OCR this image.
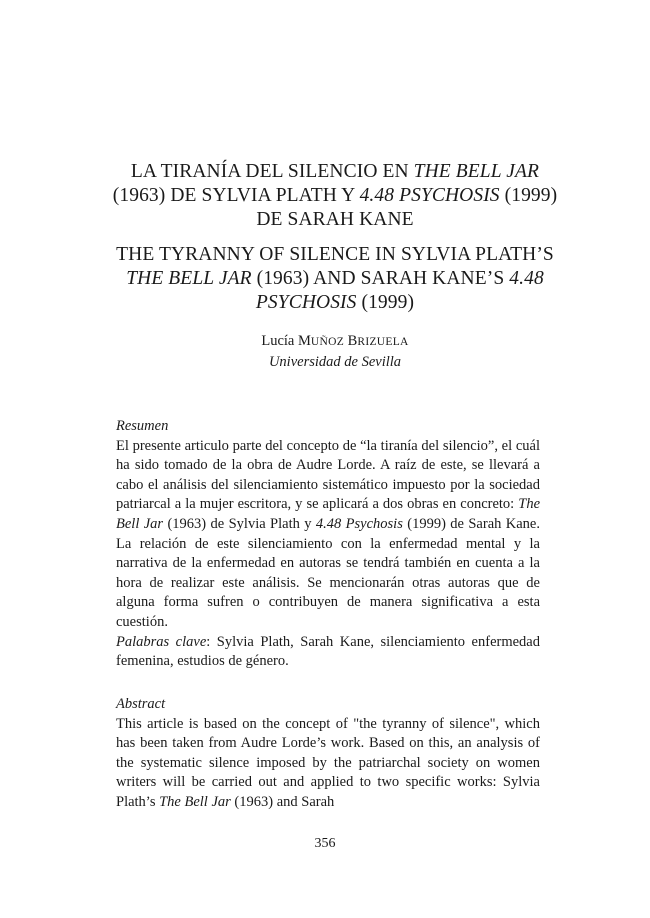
LA TIRANÍA DEL SILENCIO EN THE BELL JAR (1963) DE SYLVIA PLATH Y 4.48 PSYCHOSIS (1999) DE SARAH KANE
THE TYRANNY OF SILENCE IN SYLVIA PLATH’S THE BELL JAR (1963) AND SARAH KANE’S 4.48 PSYCHOSIS (1999)
Lucía MUÑOZ BRIZUELA
Universidad de Sevilla
Resumen
El presente articulo parte del concepto de “la tiranía del silencio”, el cuál ha sido tomado de la obra de Audre Lorde. A raíz de este, se llevará a cabo el análisis del silenciamiento sistemático impuesto por la sociedad patriarcal a la mujer escritora, y se aplicará a dos obras en concreto: The Bell Jar (1963) de Sylvia Plath y 4.48 Psychosis (1999) de Sarah Kane. La relación de este silenciamiento con la enfermedad mental y la narrativa de la enfermedad en autoras se tendrá también en cuenta a la hora de realizar este análisis. Se mencionarán otras autoras que de alguna forma sufren o contribuyen de manera significativa a esta cuestión.
Palabras clave: Sylvia Plath, Sarah Kane, silenciamiento enfermedad femenina, estudios de género.
Abstract
This article is based on the concept of "the tyranny of silence", which has been taken from Audre Lorde’s work. Based on this, an analysis of the systematic silence imposed by the patriarchal society on women writers will be carried out and applied to two specific works: Sylvia Plath’s The Bell Jar (1963) and Sarah
356
